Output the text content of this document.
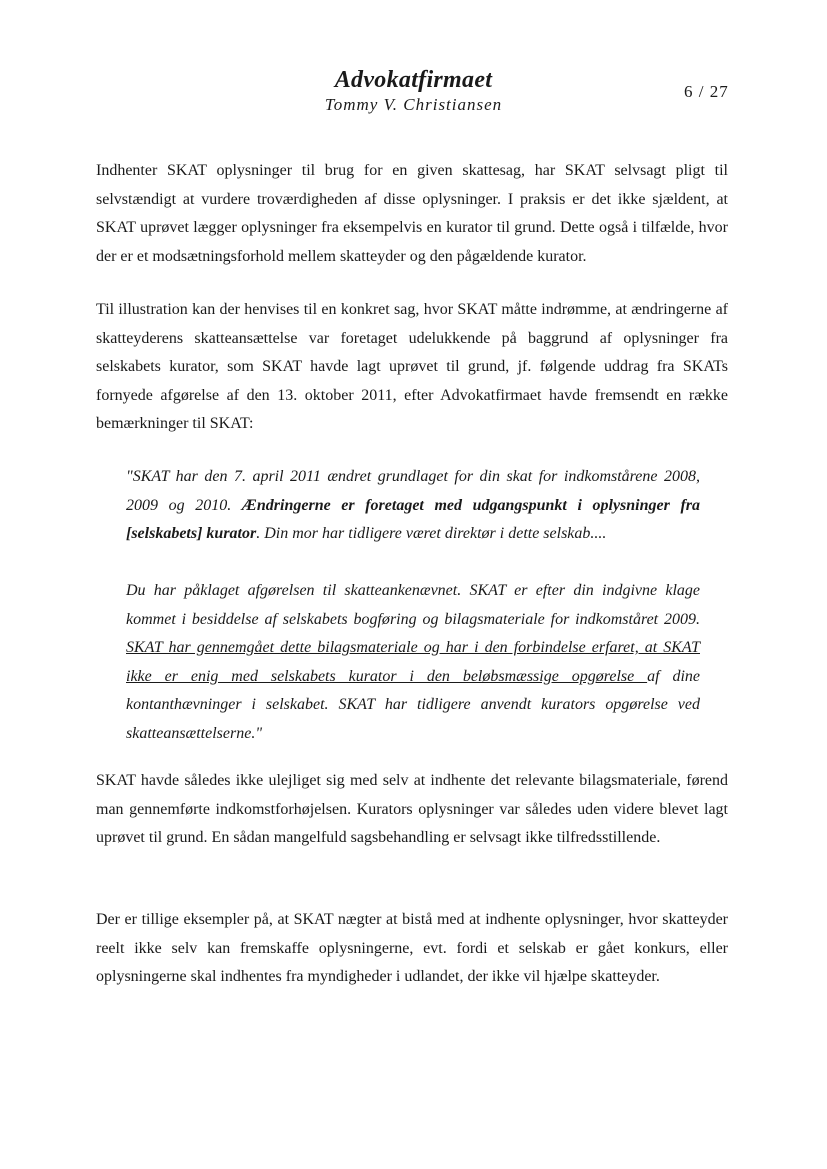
Advokatfirmaet
Tommy V. Christiansen
6 / 27

Indhenter SKAT oplysninger til brug for en given skattesag, har SKAT selvsagt pligt til selvstændigt at vurdere troværdigheden af disse oplysninger. I praksis er det ikke sjældent, at SKAT uprøvet lægger oplysninger fra eksempelvis en kurator til grund. Dette også i tilfælde, hvor der er et modsætningsforhold mellem skatteyder og den pågældende kurator.

Til illustration kan der henvises til en konkret sag, hvor SKAT måtte indrømme, at ændringerne af skatteyderens skatteansættelse var foretaget udelukkende på baggrund af oplysninger fra selskabets kurator, som SKAT havde lagt uprøvet til grund, jf. følgende uddrag fra SKATs fornyede afgørelse af den 13. oktober 2011, efter Advokatfirmaet havde fremsendt en række bemærkninger til SKAT:

"SKAT har den 7. april 2011 ændret grundlaget for din skat for indkomstårene 2008, 2009 og 2010. Ændringerne er foretaget med udgangspunkt i oplysninger fra [selskabets] kurator. Din mor har tidligere været direktør i dette selskab....

Du har påklaget afgørelsen til skatteankenævnet. SKAT er efter din indgivne klage kommet i besiddelse af selskabets bogføring og bilagsmateriale for indkomståret 2009. SKAT har gennemgået dette bilagsmateriale og har i den forbindelse erfaret, at SKAT ikke er enig med selskabets kurator i den beløbsmæssige opgørelse af dine kontanthævninger i selskabet. SKAT har tidligere anvendt kurators opgørelse ved skatteansættelserne."

SKAT havde således ikke ulejliget sig med selv at indhente det relevante bilagsmateriale, førend man gennemførte indkomstforhøjelsen. Kurators oplysninger var således uden videre blevet lagt uprøvet til grund. En sådan mangelfuld sagsbehandling er selvsagt ikke tilfredsstillende.

Der er tillige eksempler på, at SKAT nægter at bistå med at indhente oplysninger, hvor skatteyder reelt ikke selv kan fremskaffe oplysningerne, evt. fordi et selskab er gået konkurs, eller oplysningerne skal indhentes fra myndigheder i udlandet, der ikke vil hjælpe skatteyder.
